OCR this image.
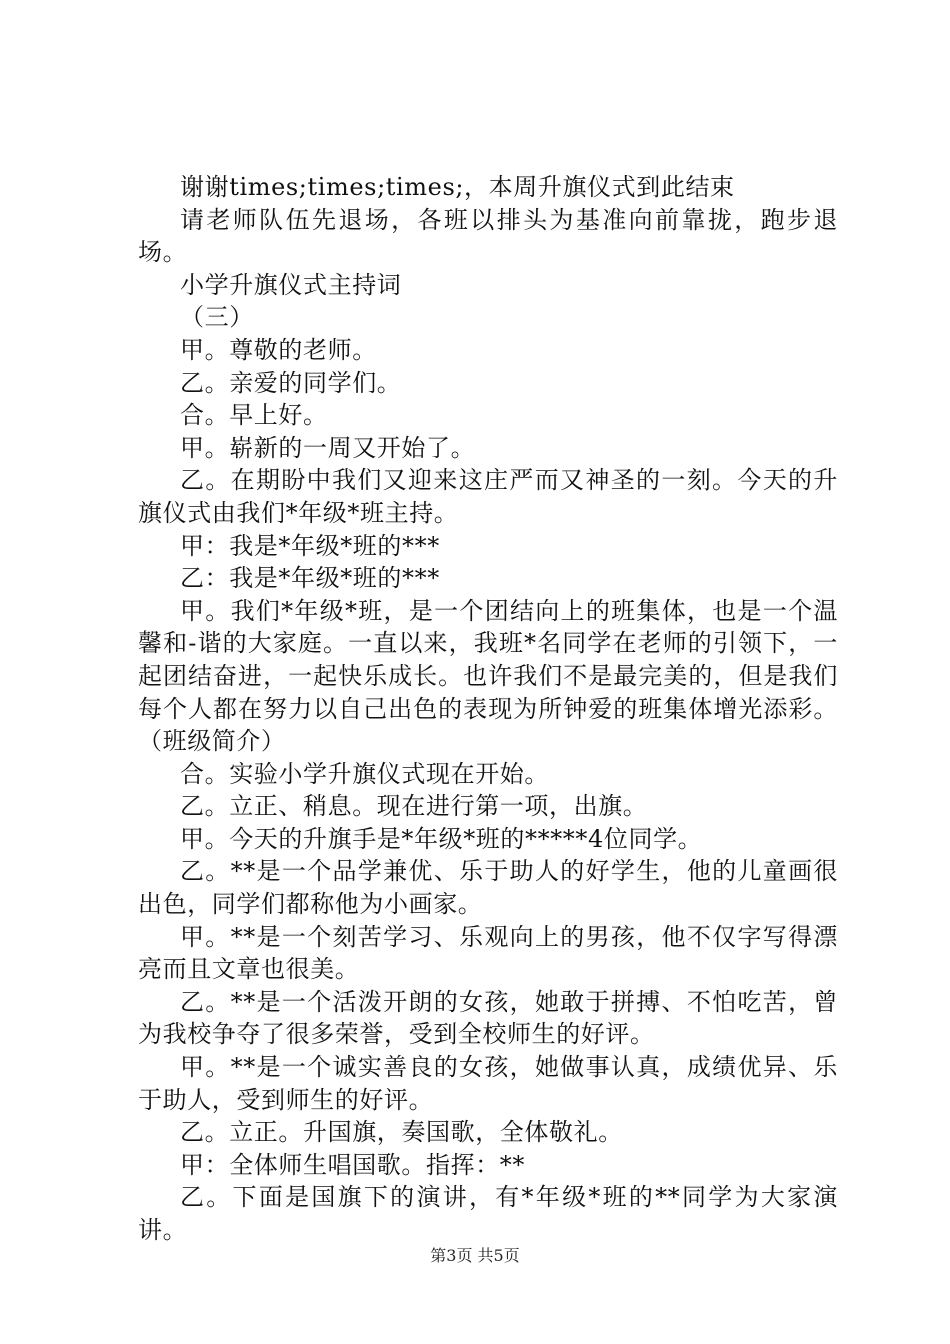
谢谢times;times;times;，本周升旗仪式到此结束

请老师队伍先退场，各班以排头为基准向前靠拢，跑步退场。

小学升旗仪式主持词

（三）

甲。尊敬的老师。

乙。亲爱的同学们。

合。早上好。

甲。崭新的一周又开始了。

乙。在期盼中我们又迎来这庄严而又神圣的一刻。今天的升旗仪式由我们*年级*班主持。

甲：我是*年级*班的***

乙：我是*年级*班的***

甲。我们*年级*班，是一个团结向上的班集体，也是一个温馨和-谐的大家庭。一直以来，我班*名同学在老师的引领下，一起团结奋进，一起快乐成长。也许我们不是最完美的，但是我们每个人都在努力以自己出色的表现为所钟爱的班集体增光添彩。（班级简介）

合。实验小学升旗仪式现在开始。

乙。立正、稍息。现在进行第一项，出旗。

甲。今天的升旗手是*年级*班的*****4位同学。

乙。**是一个品学兼优、乐于助人的好学生，他的儿童画很出色，同学们都称他为小画家。

甲。**是一个刻苦学习、乐观向上的男孩，他不仅字写得漂亮而且文章也很美。

乙。**是一个活泼开朗的女孩，她敢于拼搏、不怕吃苦，曾为我校争夺了很多荣誉，受到全校师生的好评。

甲。**是一个诚实善良的女孩，她做事认真，成绩优异、乐于助人，受到师生的好评。

乙。立正。升国旗，奏国歌，全体敬礼。

甲：全体师生唱国歌。指挥：**

乙。下面是国旗下的演讲，有*年级*班的**同学为大家演讲。

第3页 共5页
